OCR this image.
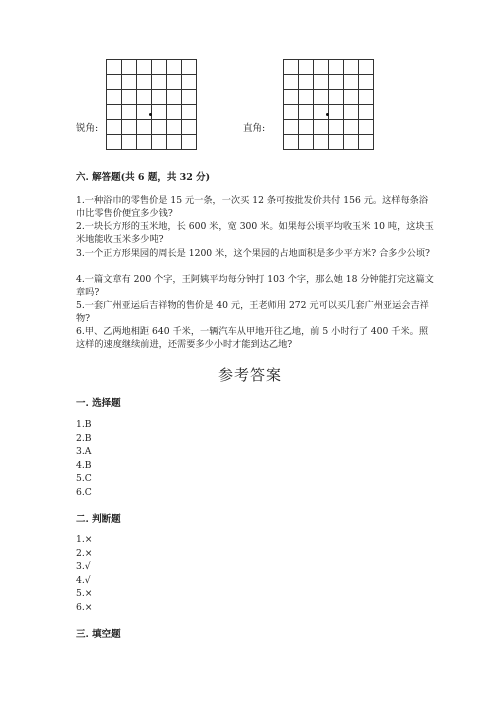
锐角:	直角:
六. 解答题(共 6 题，共 32 分)
1.一种浴巾的零售价是 15 元一条，一次买 12 条可按批发价共付 156 元。这样每条浴巾比零售价便宜多少钱?
2.一块长方形的玉米地，长 600 米，宽 300 米。如果每公顷平均收玉米 10 吨，这块玉米地能收玉米多少吨?
3.一个正方形果园的周长是 1200 米，这个果园的占地面积是多少平方米? 合多少公顷?
4.一篇文章有 200 个字，王阿姨平均每分钟打 103 个字，那么她 18 分钟能打完这篇文章吗?
5.一套广州亚运后吉祥物的售价是 40 元，王老师用 272 元可以买几套广州亚运会吉祥物?
6.甲、乙两地相距 640 千米，一辆汽车从甲地开往乙地，前 5 小时行了 400 千米。照这样的速度继续前进，还需要多少小时才能到达乙地?
参考答案
一. 选择题
1.B
2.B
3.A
4.B
5.C
6.C
二. 判断题
1.×
2.×
3.√
4.√
5.×
6.×
三. 填空题
